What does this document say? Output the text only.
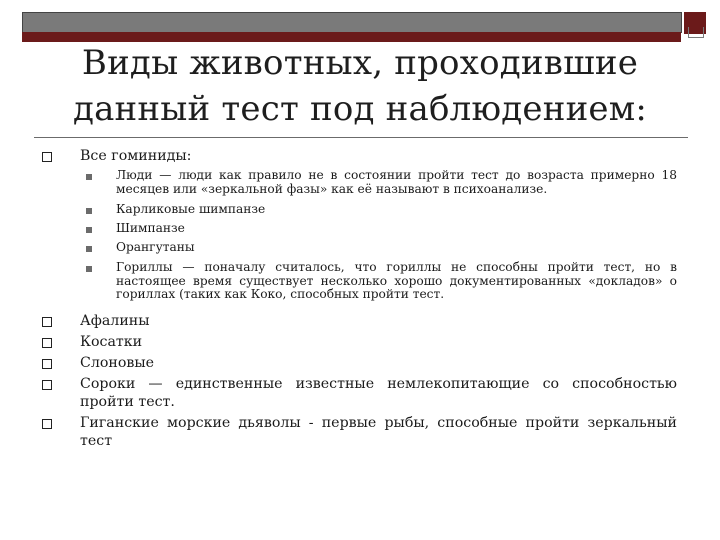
Виды животных, проходившие
данный тест под наблюдением:
Все гоминиды:
Люди — люди как правило не в состоянии пройти тест до возраста примерно 18 месяцев или «зеркальной фазы» как её называют в психоанализе.
Карликовые шимпанзе
Шимпанзе
Орангутаны
Гориллы — поначалу считалось, что гориллы не способны пройти тест, но в настоящее время существует несколько хорошо документированных «докладов» о гориллах (таких как Коко, способных пройти тест.
Афалины
Косатки
Слоновые
Сороки — единственные известные немлекопитающие со способностью пройти тест.
Гиганские морские дьяволы - первые рыбы, способные пройти зеркальный тест
